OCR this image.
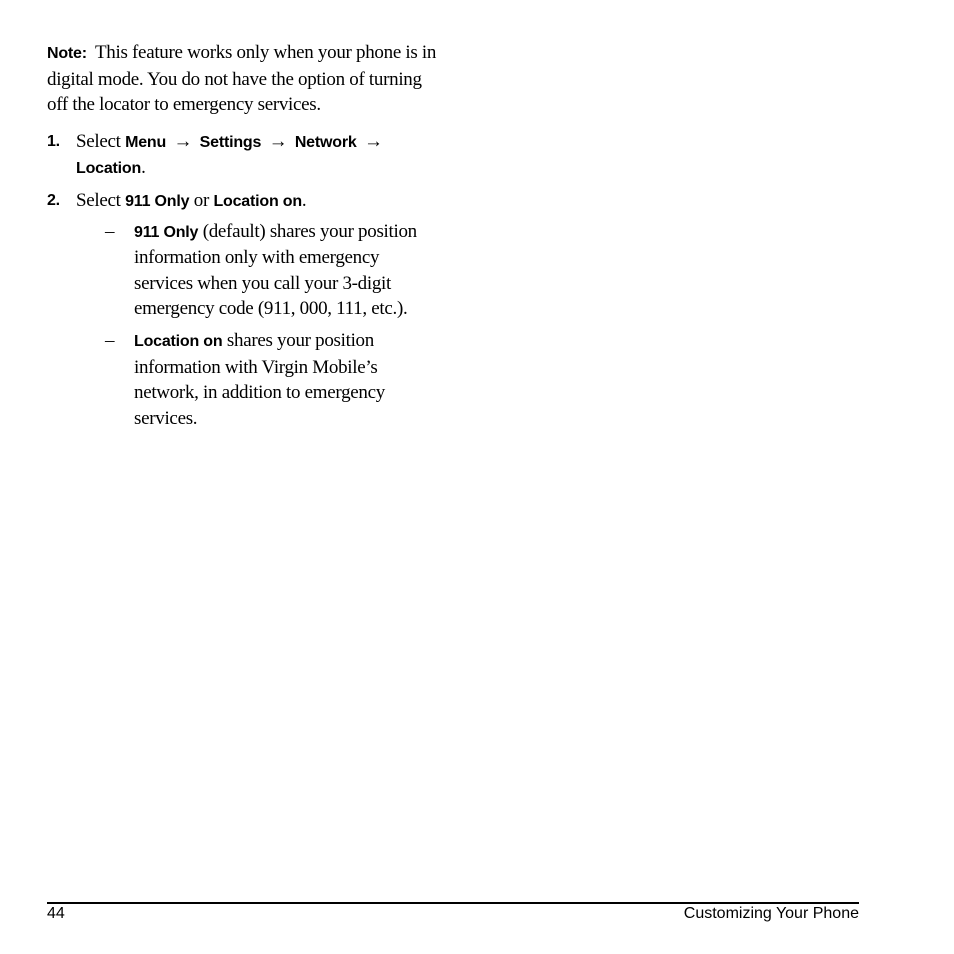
Note: This feature works only when your phone is in digital mode. You do not have the option of turning off the locator to emergency services.

1. Select Menu → Settings → Network → Location.
2. Select 911 Only or Location on.
– 911 Only (default) shares your position information only with emergency services when you call your 3-digit emergency code (911, 000, 111, etc.).
– Location on shares your position information with Virgin Mobile’s network, in addition to emergency services.
44	Customizing Your Phone
